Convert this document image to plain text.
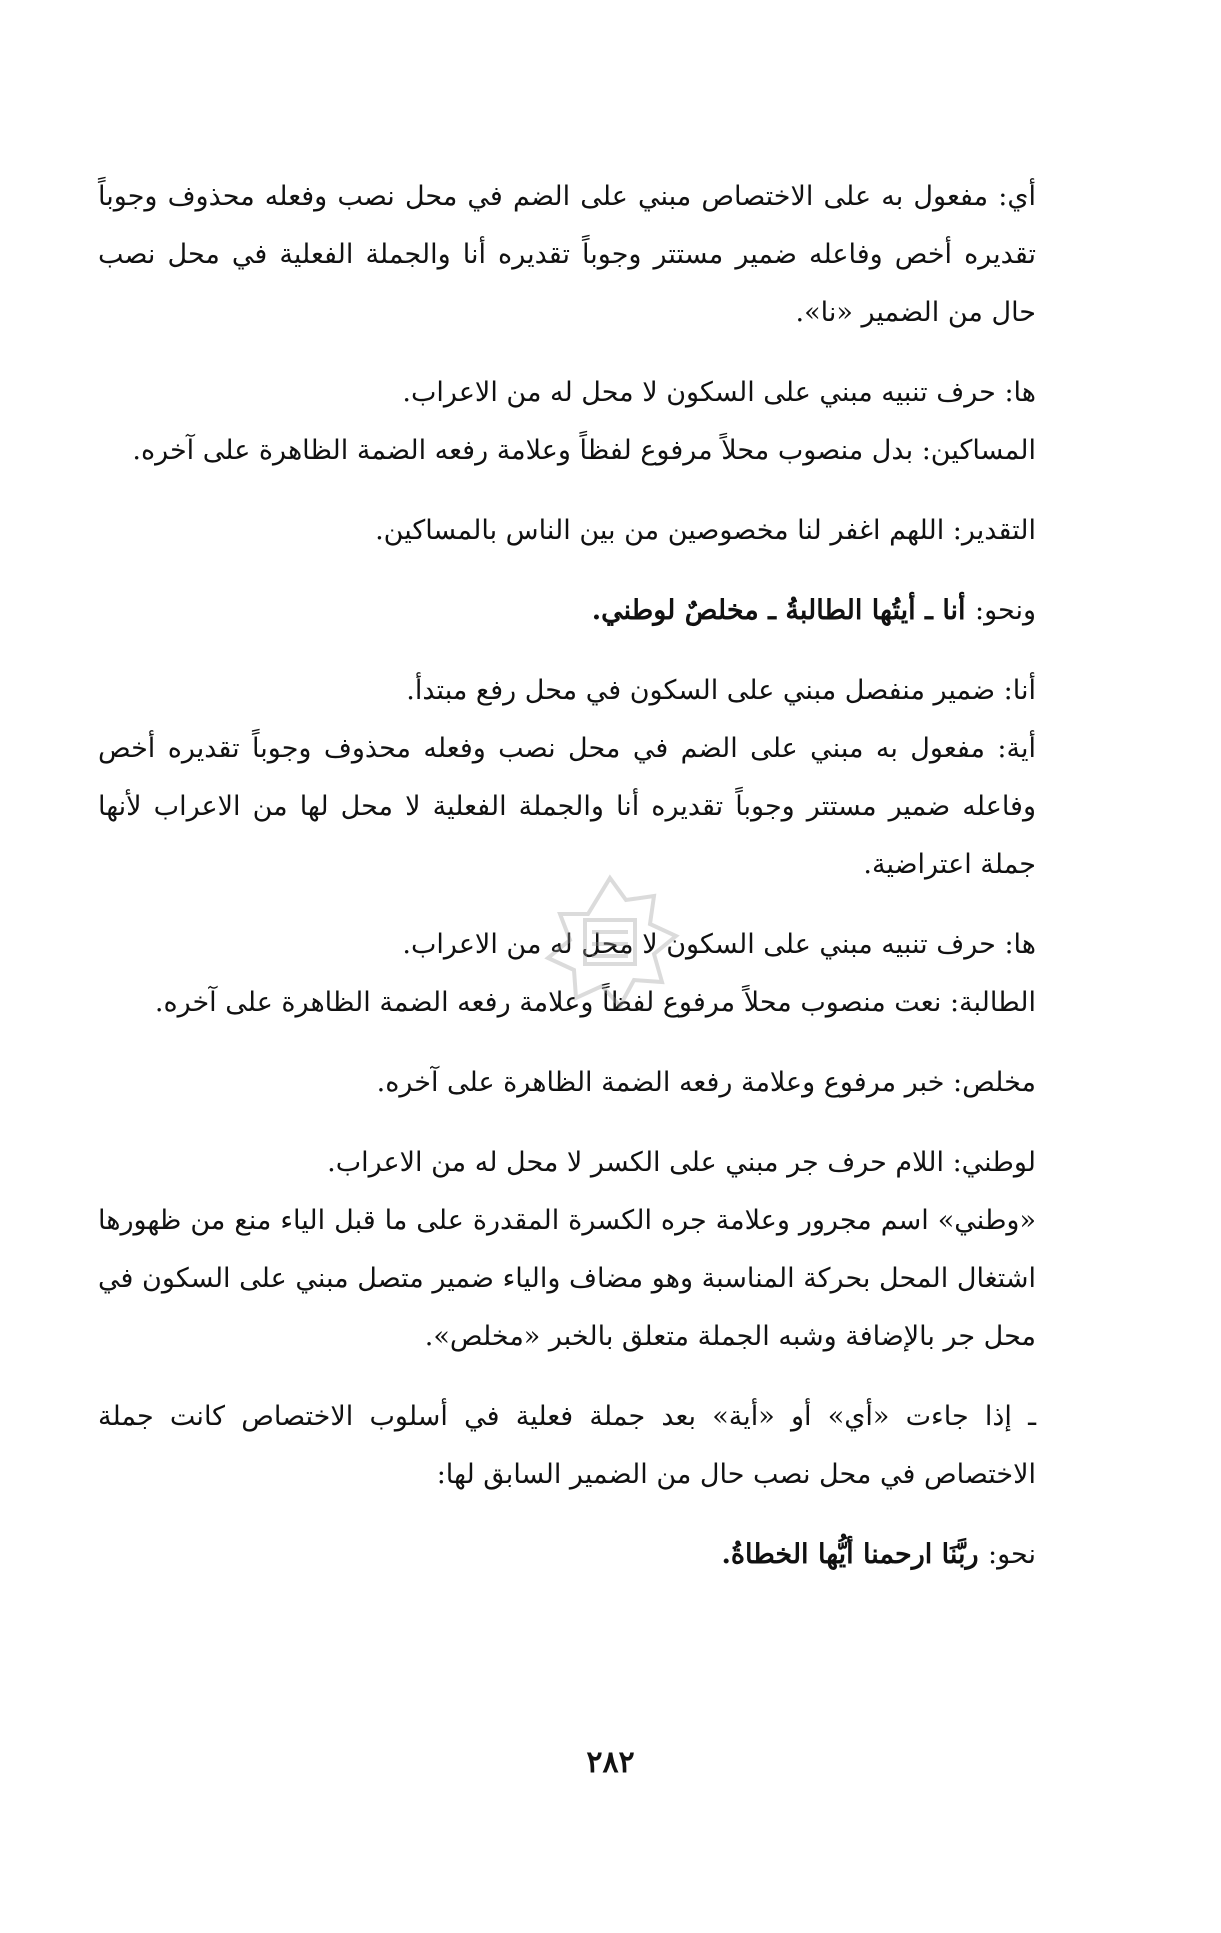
أي: مفعول به على الاختصاص مبني على الضم في محل نصب وفعله محذوف وجوباً تقديره أخص وفاعله ضمير مستتر وجوباً تقديره أنا والجملة الفعلية في محل نصب حال من الضمير «نا».

ها: حرف تنبيه مبني على السكون لا محل له من الاعراب.

المساكين: بدل منصوب محلاً مرفوع لفظاً وعلامة رفعه الضمة الظاهرة على آخره.

التقدير: اللهم اغفر لنا مخصوصين من بين الناس بالمساكين.

ونحو: أنا ـ أيتُها الطالبةُ ـ مخلصٌ لوطني.

أنا: ضمير منفصل مبني على السكون في محل رفع مبتدأ.

أية: مفعول به مبني على الضم في محل نصب وفعله محذوف وجوباً تقديره أخص وفاعله ضمير مستتر وجوباً تقديره أنا والجملة الفعلية لا محل لها من الاعراب لأنها جملة اعتراضية.

ها: حرف تنبيه مبني على السكون لا محل له من الاعراب.

الطالبة: نعت منصوب محلاً مرفوع لفظاً وعلامة رفعه الضمة الظاهرة على آخره.

مخلص: خبر مرفوع وعلامة رفعه الضمة الظاهرة على آخره.

لوطني: اللام حرف جر مبني على الكسر لا محل له من الاعراب.

«وطني» اسم مجرور وعلامة جره الكسرة المقدرة على ما قبل الياء منع من ظهورها اشتغال المحل بحركة المناسبة وهو مضاف والياء ضمير متصل مبني على السكون في محل جر بالإضافة وشبه الجملة متعلق بالخبر «مخلص».

ـ إذا جاءت «أي» أو «أية» بعد جملة فعلية في أسلوب الاختصاص كانت جملة الاختصاص في محل نصب حال من الضمير السابق لها:

نحو: ربَّنَا ارحمنا أيُّها الخطاةُ.

٢٨٢
